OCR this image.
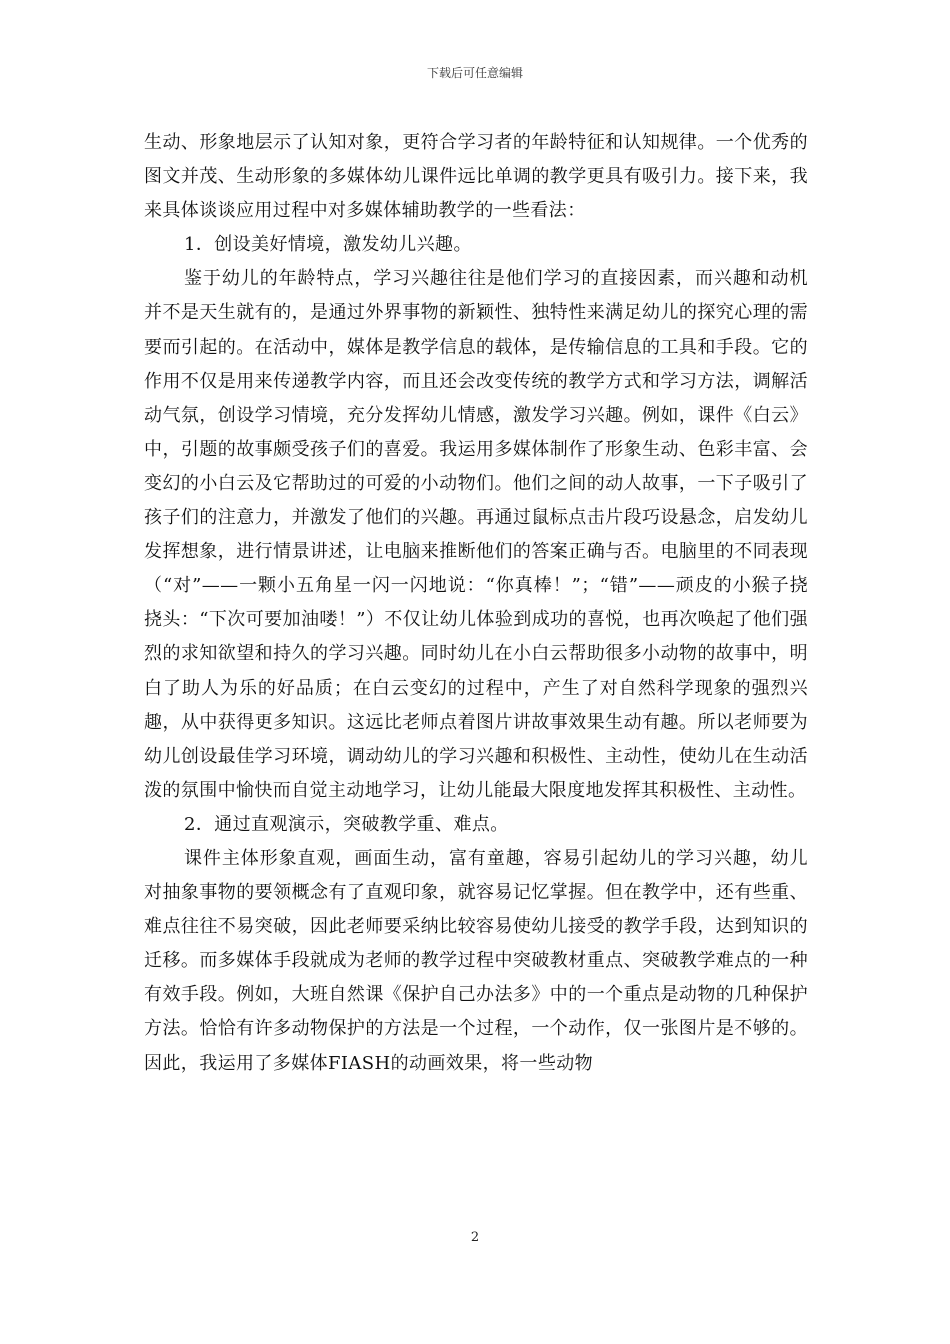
下载后可任意编辑

生动、形象地层示了认知对象，更符合学习者的年龄特征和认知规律。一个优秀的图文并茂、生动形象的多媒体幼儿课件远比单调的教学更具有吸引力。接下来，我来具体谈谈应用过程中对多媒体辅助教学的一些看法：

1．创设美好情境，激发幼儿兴趣。

鉴于幼儿的年龄特点，学习兴趣往往是他们学习的直接因素，而兴趣和动机并不是天生就有的，是通过外界事物的新颖性、独特性来满足幼儿的探究心理的需要而引起的。在活动中，媒体是教学信息的载体，是传输信息的工具和手段。它的作用不仅是用来传递教学内容，而且还会改变传统的教学方式和学习方法，调解活动气氛，创设学习情境，充分发挥幼儿情感，激发学习兴趣。例如，课件《白云》中，引题的故事颇受孩子们的喜爱。我运用多媒体制作了形象生动、色彩丰富、会变幻的小白云及它帮助过的可爱的小动物们。他们之间的动人故事，一下子吸引了孩子们的注意力，并激发了他们的兴趣。再通过鼠标点击片段巧设悬念，启发幼儿发挥想象，进行情景讲述，让电脑来推断他们的答案正确与否。电脑里的不同表现（“对”——一颗小五角星一闪一闪地说：“你真棒！”；“错”——顽皮的小猴子挠挠头：“下次可要加油喽！”）不仅让幼儿体验到成功的喜悦，也再次唤起了他们强烈的求知欲望和持久的学习兴趣。同时幼儿在小白云帮助很多小动物的故事中，明白了助人为乐的好品质；在白云变幻的过程中，产生了对自然科学现象的强烈兴趣，从中获得更多知识。这远比老师点着图片讲故事效果生动有趣。所以老师要为幼儿创设最佳学习环境，调动幼儿的学习兴趣和积极性、主动性，使幼儿在生动活泼的氛围中愉快而自觉主动地学习，让幼儿能最大限度地发挥其积极性、主动性。

2．通过直观演示，突破教学重、难点。

课件主体形象直观，画面生动，富有童趣，容易引起幼儿的学习兴趣，幼儿对抽象事物的要领概念有了直观印象，就容易记忆掌握。但在教学中，还有些重、难点往往不易突破，因此老师要采纳比较容易使幼儿接受的教学手段，达到知识的迁移。而多媒体手段就成为老师的教学过程中突破教材重点、突破教学难点的一种有效手段。例如，大班自然课《保护自己办法多》中的一个重点是动物的几种保护方法。恰恰有许多动物保护的方法是一个过程，一个动作，仅一张图片是不够的。因此，我运用了多媒体FIASH的动画效果，将一些动物

2
